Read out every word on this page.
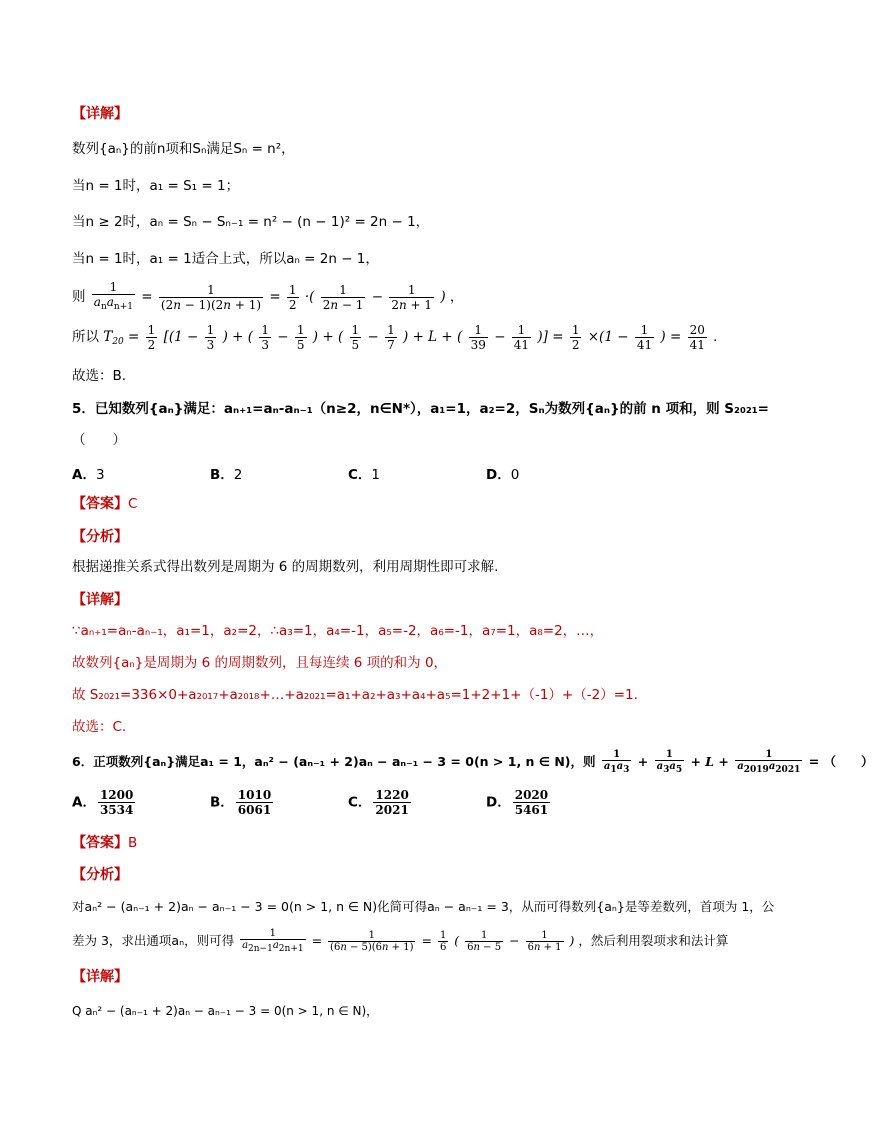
【详解】
数列{aₙ}的前n项和Sₙ满足Sₙ = n²，
当n = 1时，a₁ = S₁ = 1；
当n ≥ 2时，aₙ = Sₙ − Sₙ₋₁ = n² − (n − 1)² = 2n − 1，
当n = 1时，a₁ = 1适合上式，所以aₙ = 2n − 1，
则 $\frac{1}{a_na_{n+1}} = \frac{1}{(2n - 1)(2n + 1)} = \frac{1}{2}$ ·( $\frac{1}{2n - 1} - \frac{1}{2n + 1}$ ) ，
所以 $T_{20} = \frac{1}{2} [(1 - \frac{1}{3}$ ) + ( $\frac{1}{3} - \frac{1}{5}$ ) + ( $\frac{1}{5} - \frac{1}{7}$ ) + L + ( $\frac{1}{39} - \frac{1}{41}$ )] = $\frac{1}{2} \times(1 - \frac{1}{41}$ ) = $\frac{20}{41}$ .
故选：B.
5．已知数列{aₙ}满足：aₙ₊₁=aₙ-aₙ₋₁（n≥2，n∈N*），a₁=1，a₂=2，Sₙ为数列{aₙ}的前 n 项和，则 S₂₀₂₁=
（　　）
A．3	B．2	C．1	D．0
【答案】C
【分析】
根据递推关系式得出数列是周期为 6 的周期数列，利用周期性即可求解.
【详解】
∵aₙ₊₁=aₙ-aₙ₋₁，a₁=1，a₂=2，∴a₃=1，a₄=-1，a₅=-2，a₆=-1，a₇=1，a₈=2，…，
故数列{aₙ}是周期为 6 的周期数列，且每连续 6 项的和为 0，
故 S₂₀₂₁=336×0+a₂₀₁₇+a₂₀₁₈+…+a₂₀₂₁=a₁+a₂+a₃+a₄+a₅=1+2+1+（-1）+（-2）=1.
故选：C.
6．正项数列{aₙ}满足a₁ = 1，aₙ² − (aₙ₋₁ + 2)aₙ − aₙ₋₁ − 3 = 0(n > 1, n ∈ N)，则 $\frac{1}{a1a3} + \frac{1}{a3a5} + L + \frac{1}{a2019a2021}$ = （　　）
A． $\frac{1200}{3534}$	B． $\frac{1010}{6061}$	C． $\frac{1220}{2021}$	D． $\frac{2020}{5461}$
【答案】B
【分析】
对aₙ² − (aₙ₋₁ + 2)aₙ − aₙ₋₁ − 3 = 0(n > 1, n ∈ N)化简可得aₙ − aₙ₋₁ = 3，从而可得数列{aₙ}是等差数列，首项为 1，公
差为 3，求出通项aₙ，则可得 $\frac{1}{a2n-1a2n+1} = \frac{1}{(6n - 5)(6n + 1)} = \frac{1}{6}$ ( $\frac{1}{6n - 5} - \frac{1}{6n + 1}$ ) ，然后利用裂项求和法计算
【详解】
Q aₙ² − (aₙ₋₁ + 2)aₙ − aₙ₋₁ − 3 = 0(n > 1, n ∈ N)，
